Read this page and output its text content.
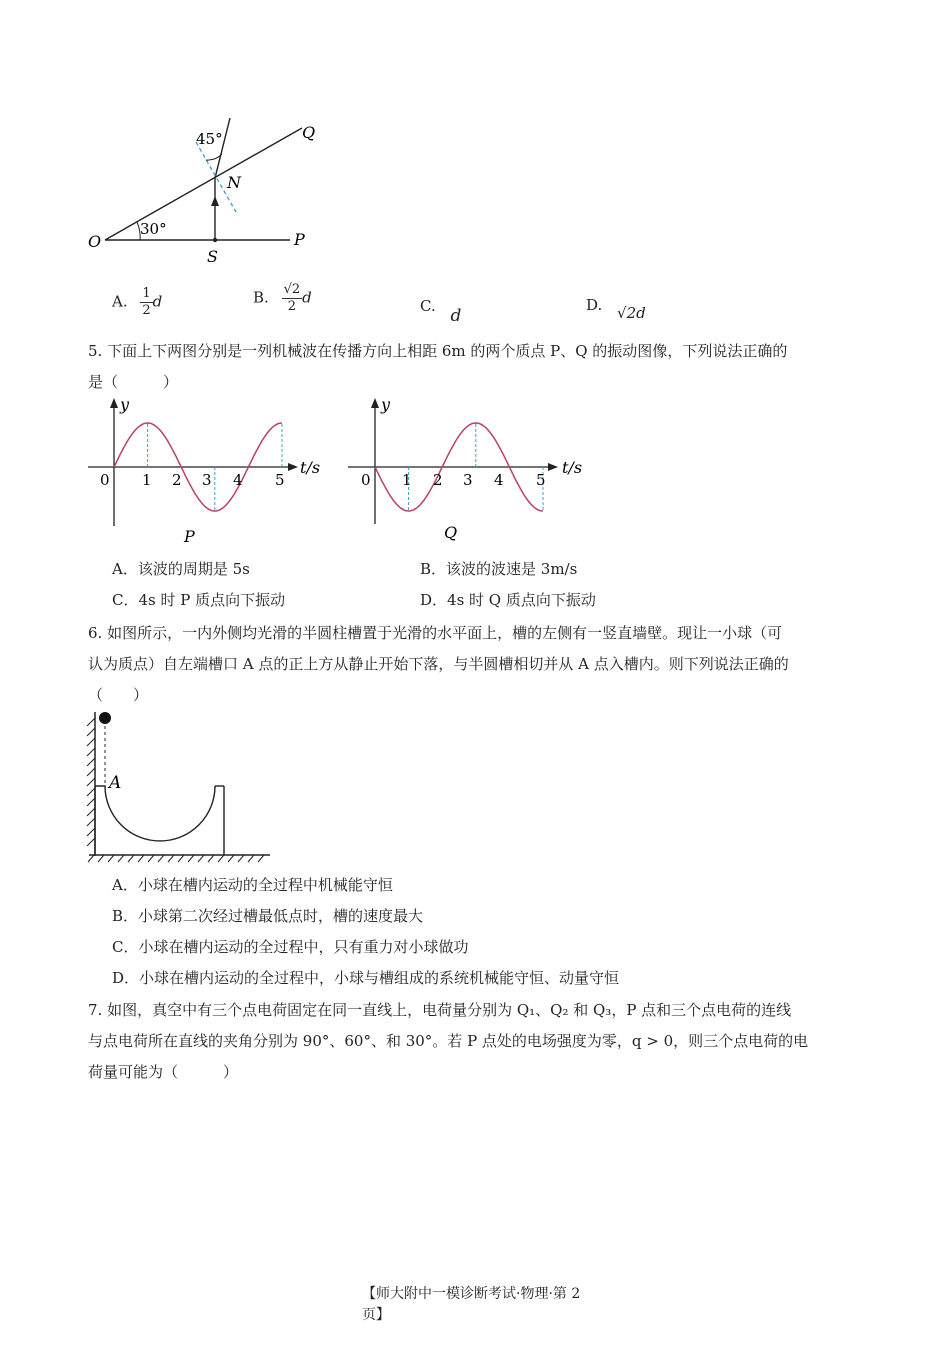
45°
30°
O	P
Q
N
S
A. $\frac{1}{2}$ d	B. $\frac{√2}{2}$ d	C. d
D. √2d
5. 下面上下两图分别是一列机械波在传播方向上相距 6m 的两个质点 P、Q 的振动图像，下列说法正确的
是（　　　）
y
t/s
0 1 2 3 4 5
P
y
t/s
0 1 2 3 4 5
Q
A．该波的周期是 5s	B．该波的波速是 3m/s
C．4s 时 P 质点向下振动	D．4s 时 Q 质点向下振动
6. 如图所示，一内外侧均光滑的半圆柱槽置于光滑的水平面上，槽的左侧有一竖直墙壁。现让一小球（可
认为质点）自左端槽口 A 点的正上方从静止开始下落，与半圆槽相切并从 A 点入槽内。则下列说法正确的
（　　）
A
A．小球在槽内运动的全过程中机械能守恒
B．小球第二次经过槽最低点时，槽的速度最大
C．小球在槽内运动的全过程中，只有重力对小球做功
D．小球在槽内运动的全过程中，小球与槽组成的系统机械能守恒、动量守恒
7. 如图，真空中有三个点电荷固定在同一直线上，电荷量分别为 Q₁、Q₂ 和 Q₃，P 点和三个点电荷的连线
与点电荷所在直线的夹角分别为 90°、60°、和 30°。若 P 点处的电场强度为零，q > 0，则三个点电荷的电
荷量可能为（　　　）
【师大附中一模诊断考试·物理·第 2
页】
